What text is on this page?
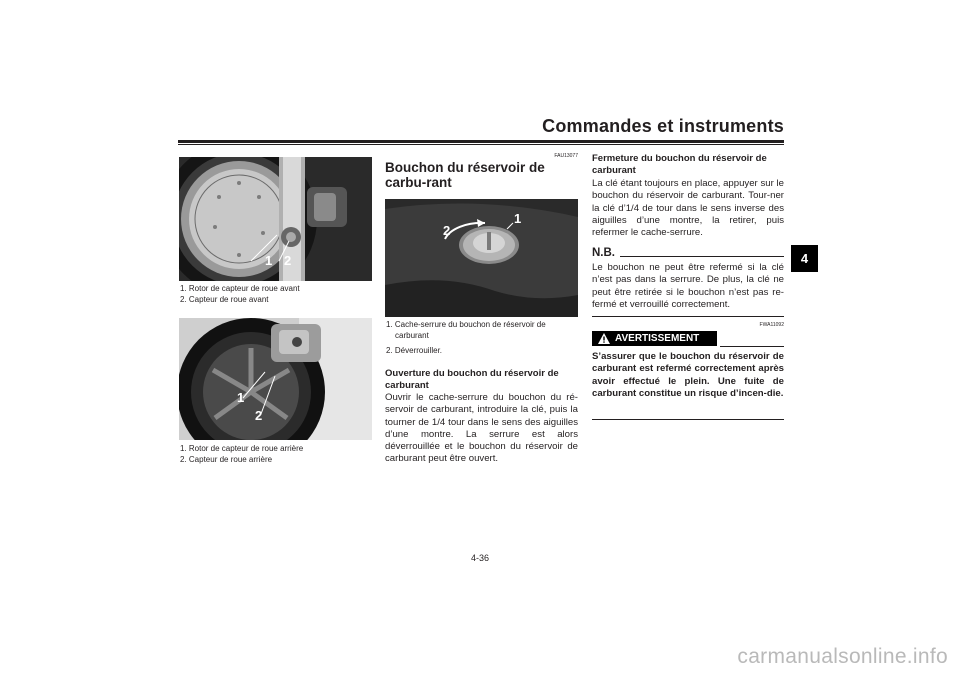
Commandes et instruments
4
1 2
1. Rotor de capteur de roue avant
2. Capteur de roue avant
1
2
1. Rotor de capteur de roue arrière
2. Capteur de roue arrière
FAU13077
Bouchon du réservoir de carbu-rant
2
1
1. Cache-serrure du bouchon de réservoir de carburant
2. Déverrouiller.
Ouverture du bouchon du réservoir de carburant
Ouvrir le cache-serrure du bouchon du ré-servoir de carburant, introduire la clé, puis la tourner de 1/4 tour dans le sens des aiguilles d’une montre. La serrure est alors déverrouillée et le bouchon du réservoir de carburant peut être ouvert.
Fermeture du bouchon du réservoir de carburant
La clé étant toujours en place, appuyer sur le bouchon du réservoir de carburant. Tour-ner la clé d’1/4 de tour dans le sens inverse des aiguilles d’une montre, la retirer, puis refermer le cache-serrure.
N.B.
Le bouchon ne peut être refermé si la clé n’est pas dans la serrure. De plus, la clé ne peut être retirée si le bouchon n’est pas re-fermé et verrouillé correctement.
FWA11092
AVERTISSEMENT
S’assurer que le bouchon du réservoir de carburant est refermé correctement après avoir effectué le plein. Une fuite de carburant constitue un risque d’incen-die.
4-36
carmanualsonline.info
